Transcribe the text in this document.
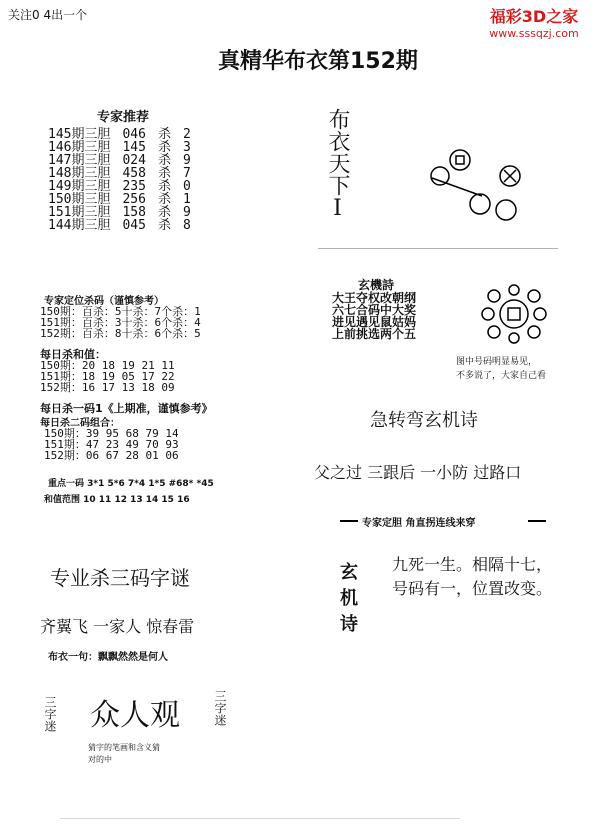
关注0 4出一个	福彩3D之家
www.sssqzj.com
真精华布衣第152期
专家推荐
145期三胆 046 杀 2
146期三胆 145 杀 3
147期三胆 024 杀 9
148期三胆 458 杀 7
149期三胆 235 杀 0
150期三胆 256 杀 1
151期三胆 158 杀 9
144期三胆 045 杀 8
专家定位杀码（谨慎参考）
150期：百杀：5十杀：7个杀：1
151期：百杀：3十杀：6个杀：4
152期：百杀：8十杀：6个杀：5
每日杀和值：
150期：20 18 19 21 11
151期：18 19 05 17 22
152期：16 17 13 18 09
每日杀一码1《上期准，谨慎参考》
每日杀二码组合：
150期：39 95 68 79 14
151期：47 23 49 70 93
152期：06 67 28 01 06
重点一码 3*1 5*6 7*4 1*5 #68* *45
和值范围 10 11 12 13 14 15 16
专业杀三码字谜
齐翼飞 一家人 惊春雷
布衣一句：飘飘然然是何人
三字迷 众人观	三字迷
猜字的笔画和含义猜
对的中
布衣天下I
玄機詩
大王夺权改朝纲
六七合码中大奖
进见遇见鼠姑妈
上前挑选两个五
图中号码明显易见，
不多说了，大家自己看
急转弯玄机诗
父之过 三跟后 一小防 过路口
专家定胆 角直拐连线来穿
玄机诗 九死一生。相隔十七，
号码有一，位置改变。
